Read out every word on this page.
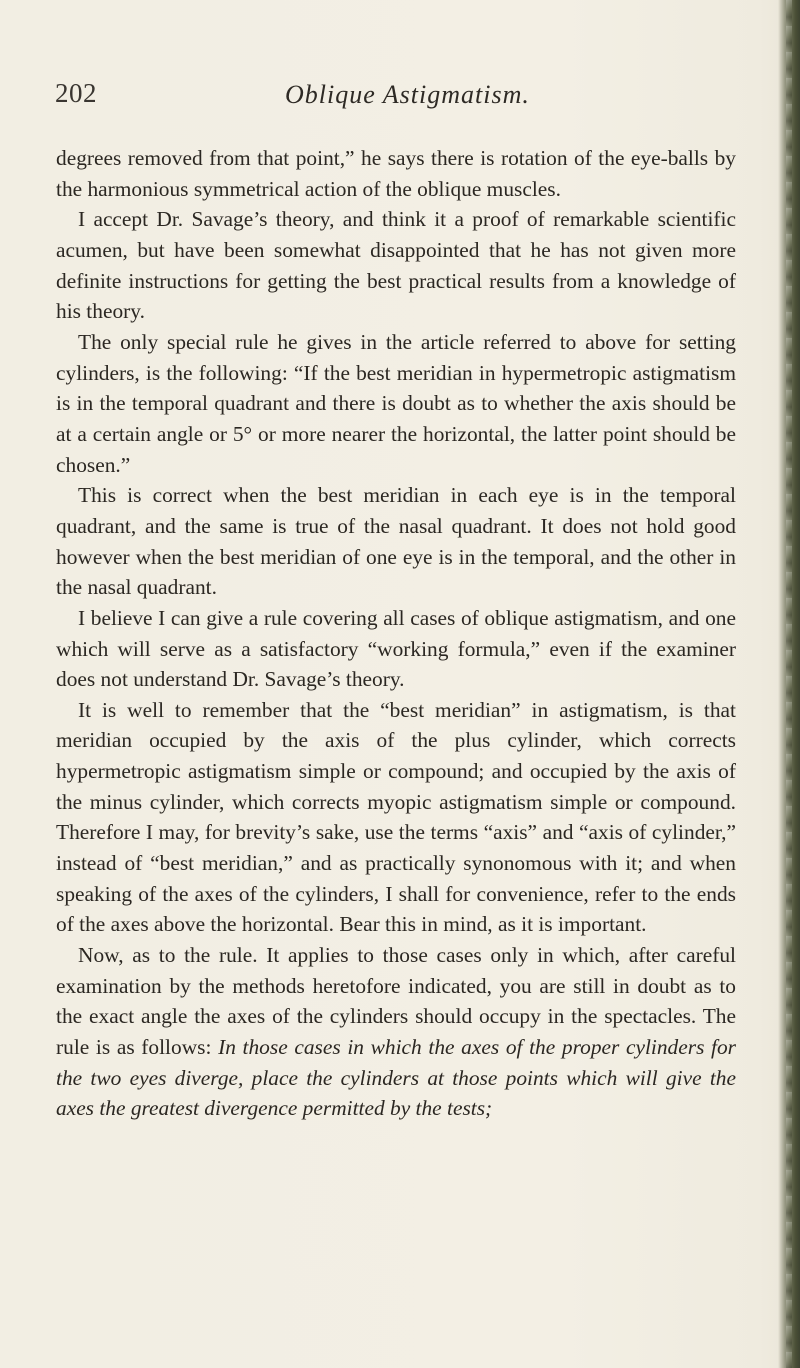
202	Oblique Astigmatism.

degrees removed from that point,” he says there is rotation of the eye-balls by the harmonious symmetrical action of the oblique muscles.

I accept Dr. Savage’s theory, and think it a proof of remarkable scientific acumen, but have been somewhat disappointed that he has not given more definite instructions for getting the best practical results from a knowledge of his theory.

The only special rule he gives in the article referred to above for setting cylinders, is the following: “If the best meridian in hypermetropic astigmatism is in the temporal quadrant and there is doubt as to whether the axis should be at a certain angle or 5° or more nearer the horizontal, the latter point should be chosen.”

This is correct when the best meridian in each eye is in the temporal quadrant, and the same is true of the nasal quadrant. It does not hold good however when the best meridian of one eye is in the temporal, and the other in the nasal quadrant.

I believe I can give a rule covering all cases of oblique astigmatism, and one which will serve as a satisfactory “working formula,” even if the examiner does not understand Dr. Savage’s theory.

It is well to remember that the “best meridian” in astigmatism, is that meridian occupied by the axis of the plus cylinder, which corrects hypermetropic astigmatism simple or compound; and occupied by the axis of the minus cylinder, which corrects myopic astigmatism simple or compound. Therefore I may, for brevity’s sake, use the terms “axis” and “axis of cylinder,” instead of “best meridian,” and as practically synonomous with it; and when speaking of the axes of the cylinders, I shall for convenience, refer to the ends of the axes above the horizontal. Bear this in mind, as it is important.

Now, as to the rule. It applies to those cases only in which, after careful examination by the methods heretofore indicated, you are still in doubt as to the exact angle the axes of the cylinders should occupy in the spectacles. The rule is as follows: In those cases in which the axes of the proper cylinders for the two eyes diverge, place the cylinders at those points which will give the axes the greatest divergence permitted by the tests;
